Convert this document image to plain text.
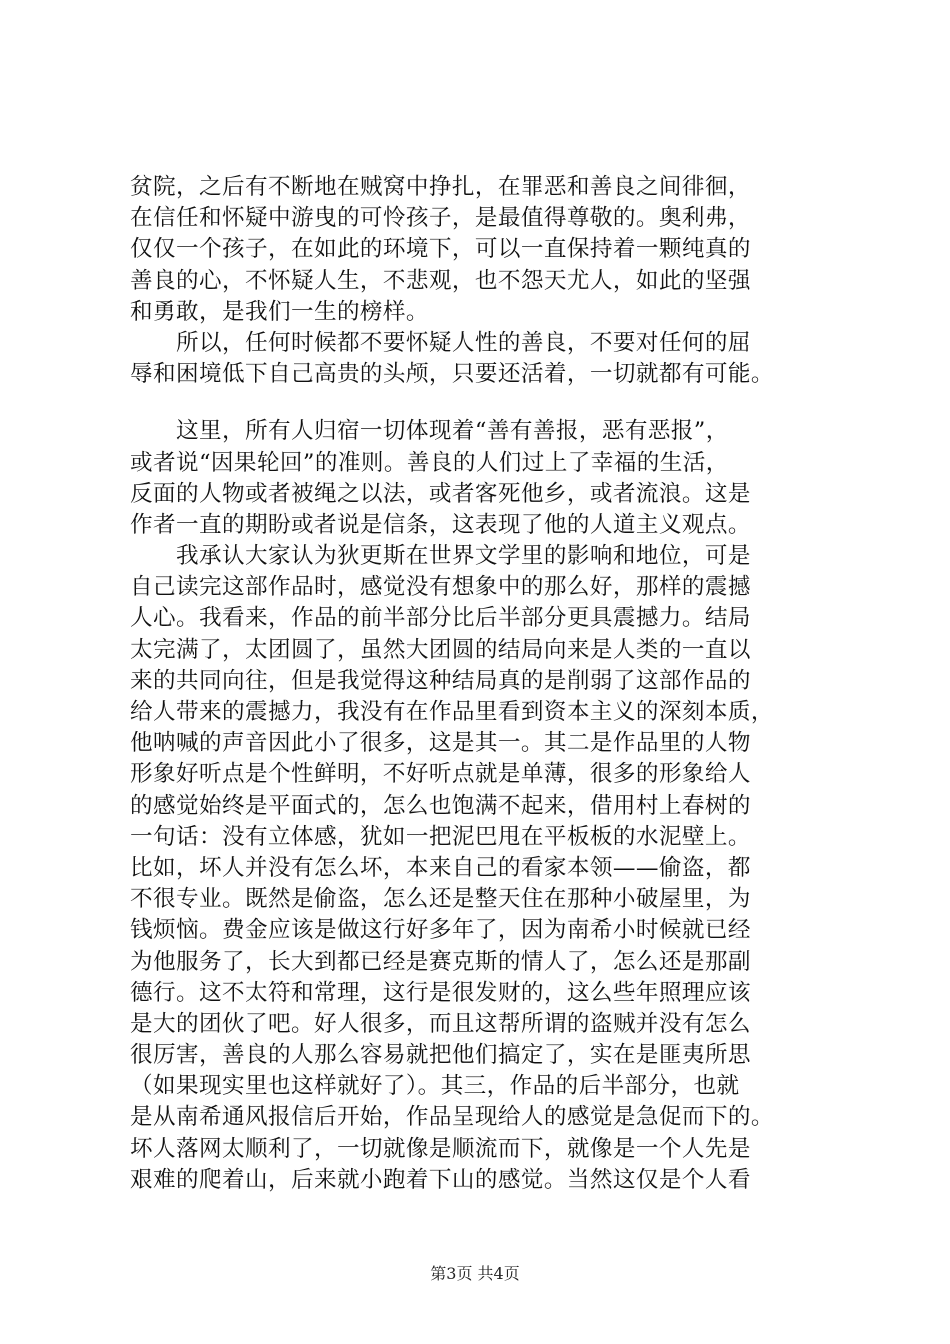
贫院，之后有不断地在贼窝中挣扎，在罪恶和善良之间徘徊，
在信任和怀疑中游曳的可怜孩子，是最值得尊敬的。奥利弗，
仅仅一个孩子，在如此的环境下，可以一直保持着一颗纯真的
善良的心，不怀疑人生，不悲观，也不怨天尤人，如此的坚强
和勇敢，是我们一生的榜样。
　　所以，任何时候都不要怀疑人性的善良，不要对任何的屈
辱和困境低下自己高贵的头颅，只要还活着，一切就都有可能。
　　这里，所有人归宿一切体现着“善有善报，恶有恶报”，
或者说“因果轮回”的准则。善良的人们过上了幸福的生活，
反面的人物或者被绳之以法，或者客死他乡，或者流浪。这是
作者一直的期盼或者说是信条，这表现了他的人道主义观点。
　　我承认大家认为狄更斯在世界文学里的影响和地位，可是
自己读完这部作品时，感觉没有想象中的那么好，那样的震撼
人心。我看来，作品的前半部分比后半部分更具震撼力。结局
太完满了，太团圆了，虽然大团圆的结局向来是人类的一直以
来的共同向往，但是我觉得这种结局真的是削弱了这部作品的
给人带来的震撼力，我没有在作品里看到资本主义的深刻本质，
他呐喊的声音因此小了很多，这是其一。其二是作品里的人物
形象好听点是个性鲜明，不好听点就是单薄，很多的形象给人
的感觉始终是平面式的，怎么也饱满不起来，借用村上春树的
一句话：没有立体感，犹如一把泥巴甩在平板板的水泥壁上。
比如，坏人并没有怎么坏，本来自己的看家本领——偷盗，都
不很专业。既然是偷盗，怎么还是整天住在那种小破屋里，为
钱烦恼。费金应该是做这行好多年了，因为南希小时候就已经
为他服务了，长大到都已经是赛克斯的情人了，怎么还是那副
德行。这不太符和常理，这行是很发财的，这么些年照理应该
是大的团伙了吧。好人很多，而且这帮所谓的盗贼并没有怎么
很厉害，善良的人那么容易就把他们搞定了，实在是匪夷所思
（如果现实里也这样就好了）。其三，作品的后半部分，也就
是从南希通风报信后开始，作品呈现给人的感觉是急促而下的。
坏人落网太顺利了，一切就像是顺流而下，就像是一个人先是
艰难的爬着山，后来就小跑着下山的感觉。当然这仅是个人看
第3页 共4页
